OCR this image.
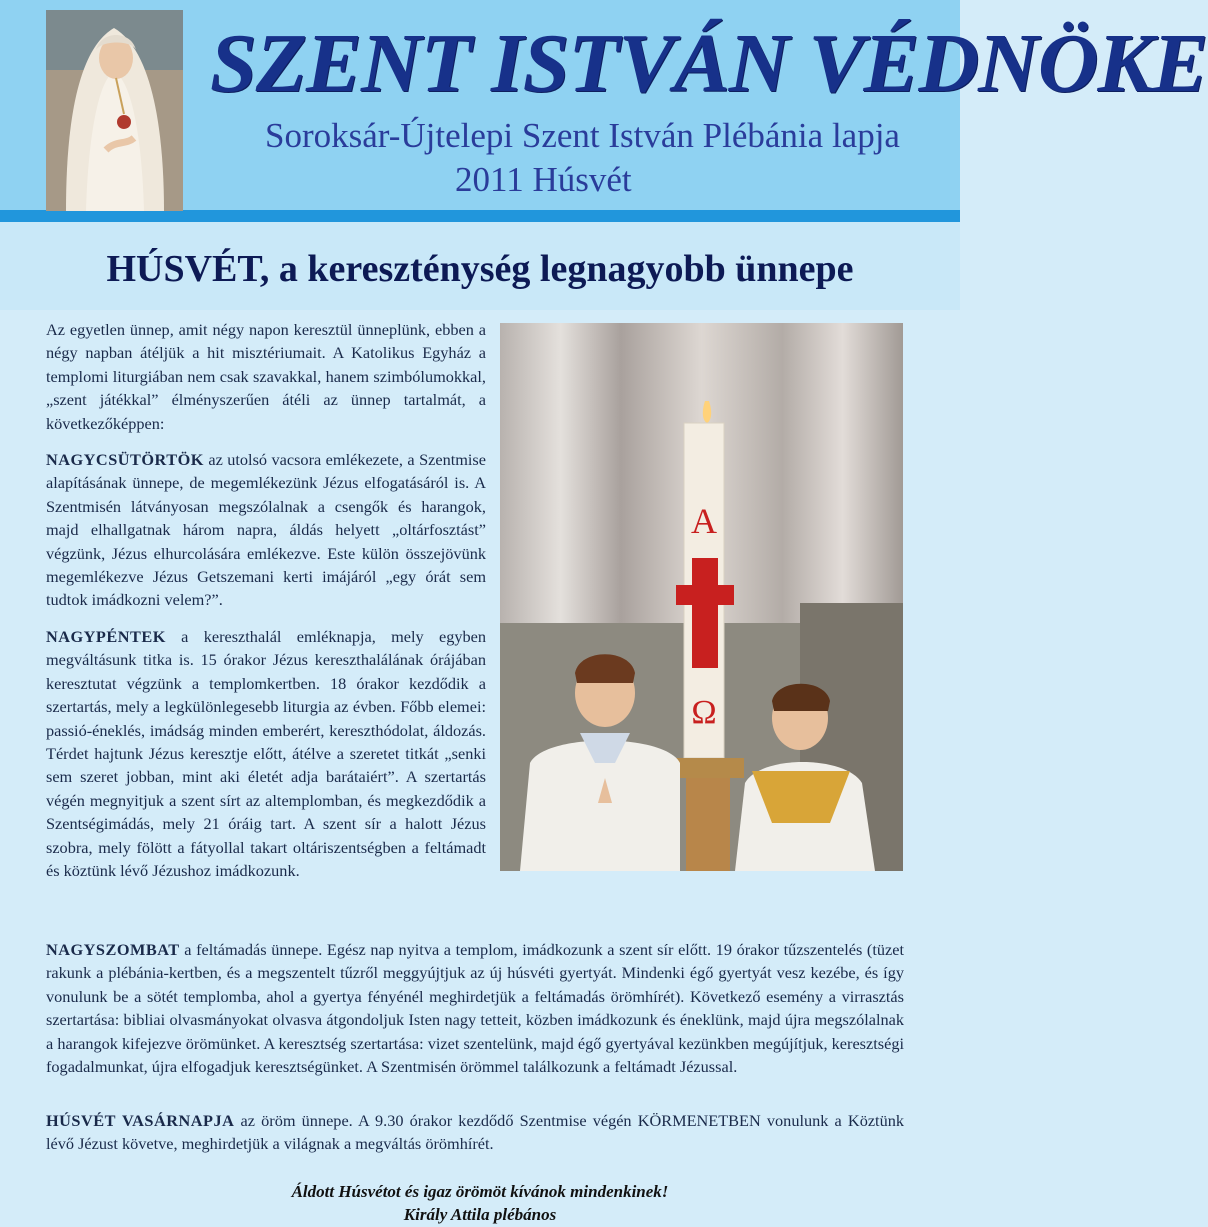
SZENT ISTVÁN VÉDNÖKE
Soroksár-Újtelepi Szent István Plébánia lapja
2011 Húsvét
HÚSVÉT, a kereszténység legnagyobb ünnepe

Az egyetlen ünnep, amit négy napon keresztül ünneplünk, ebben a négy napban átéljük a hit misztériumait. A Katolikus Egyház a templomi liturgiában nem csak szavakkal, hanem szimbólumokkal, „szent játékkal” élményszerűen átéli az ünnep tartalmát, a következőképpen:

NAGYCSÜTÖRTÖK az utolsó vacsora emlékezete, a Szentmise alapításának ünnepe, de megemlékezünk Jézus elfogatásáról is. A Szentmisén látványosan megszólalnak a csengők és harangok, majd elhallgatnak három napra, áldás helyett „oltárfosztást” végzünk, Jézus elhurcolására emlékezve. Este külön összejövünk megemlékezve Jézus Getszemani kerti imájáról „egy órát sem tudtok imádkozni velem?”.

NAGYPÉNTEK a kereszthalál emléknapja, mely egyben megváltásunk titka is. 15 órakor Jézus kereszthalálának órájában keresztutat végzünk a templomkertben. 18 órakor kezdődik a szertartás, mely a legkülönlegesebb liturgia az évben. Főbb elemei: passió-éneklés, imádság minden emberért, kereszthódolat, áldozás. Térdet hajtunk Jézus keresztje előtt, átélve a szeretet titkát „senki sem szeret jobban, mint aki életét adja barátaiért”. A szertartás végén megnyitjuk a szent sírt az altemplomban, és megkezdődik a Szentségimádás, mely 21 óráig tart. A szent sír a halott Jézus szobra, mely fölött a fátyollal takart oltáriszentségben a feltámadt és köztünk lévő Jézushoz imádkozunk.

A
Ω
NAGYSZOMBAT a feltámadás ünnepe. Egész nap nyitva a templom, imádkozunk a szent sír előtt. 19 órakor tűzszentelés (tüzet rakunk a plébánia-kertben, és a megszentelt tűzről meggyújtjuk az új húsvéti gyertyát. Mindenki égő gyertyát vesz kezébe, és így vonulunk be a sötét templomba, ahol a gyertya fényénél meghirdetjük a feltámadás örömhírét). Következő esemény a virrasztás szertartása: bibliai olvasmányokat olvasva átgondoljuk Isten nagy tetteit, közben imádkozunk és éneklünk, majd újra megszólalnak a harangok kifejezve örömünket. A keresztség szertartása: vizet szentelünk, majd égő gyertyával kezünkben megújítjuk, keresztségi fogadalmunkat, újra elfogadjuk keresztségünket. A Szentmisén örömmel találkozunk a feltámadt Jézussal.
HÚSVÉT VASÁRNAPJA az öröm ünnepe. A 9.30 órakor kezdődő Szentmise végén KÖRMENETBEN vonulunk a Köztünk lévő Jézust követve, meghirdetjük a világnak a megváltás örömhírét.
Áldott Húsvétot és igaz örömöt kívánok mindenkinek!
Király Attila plébános
